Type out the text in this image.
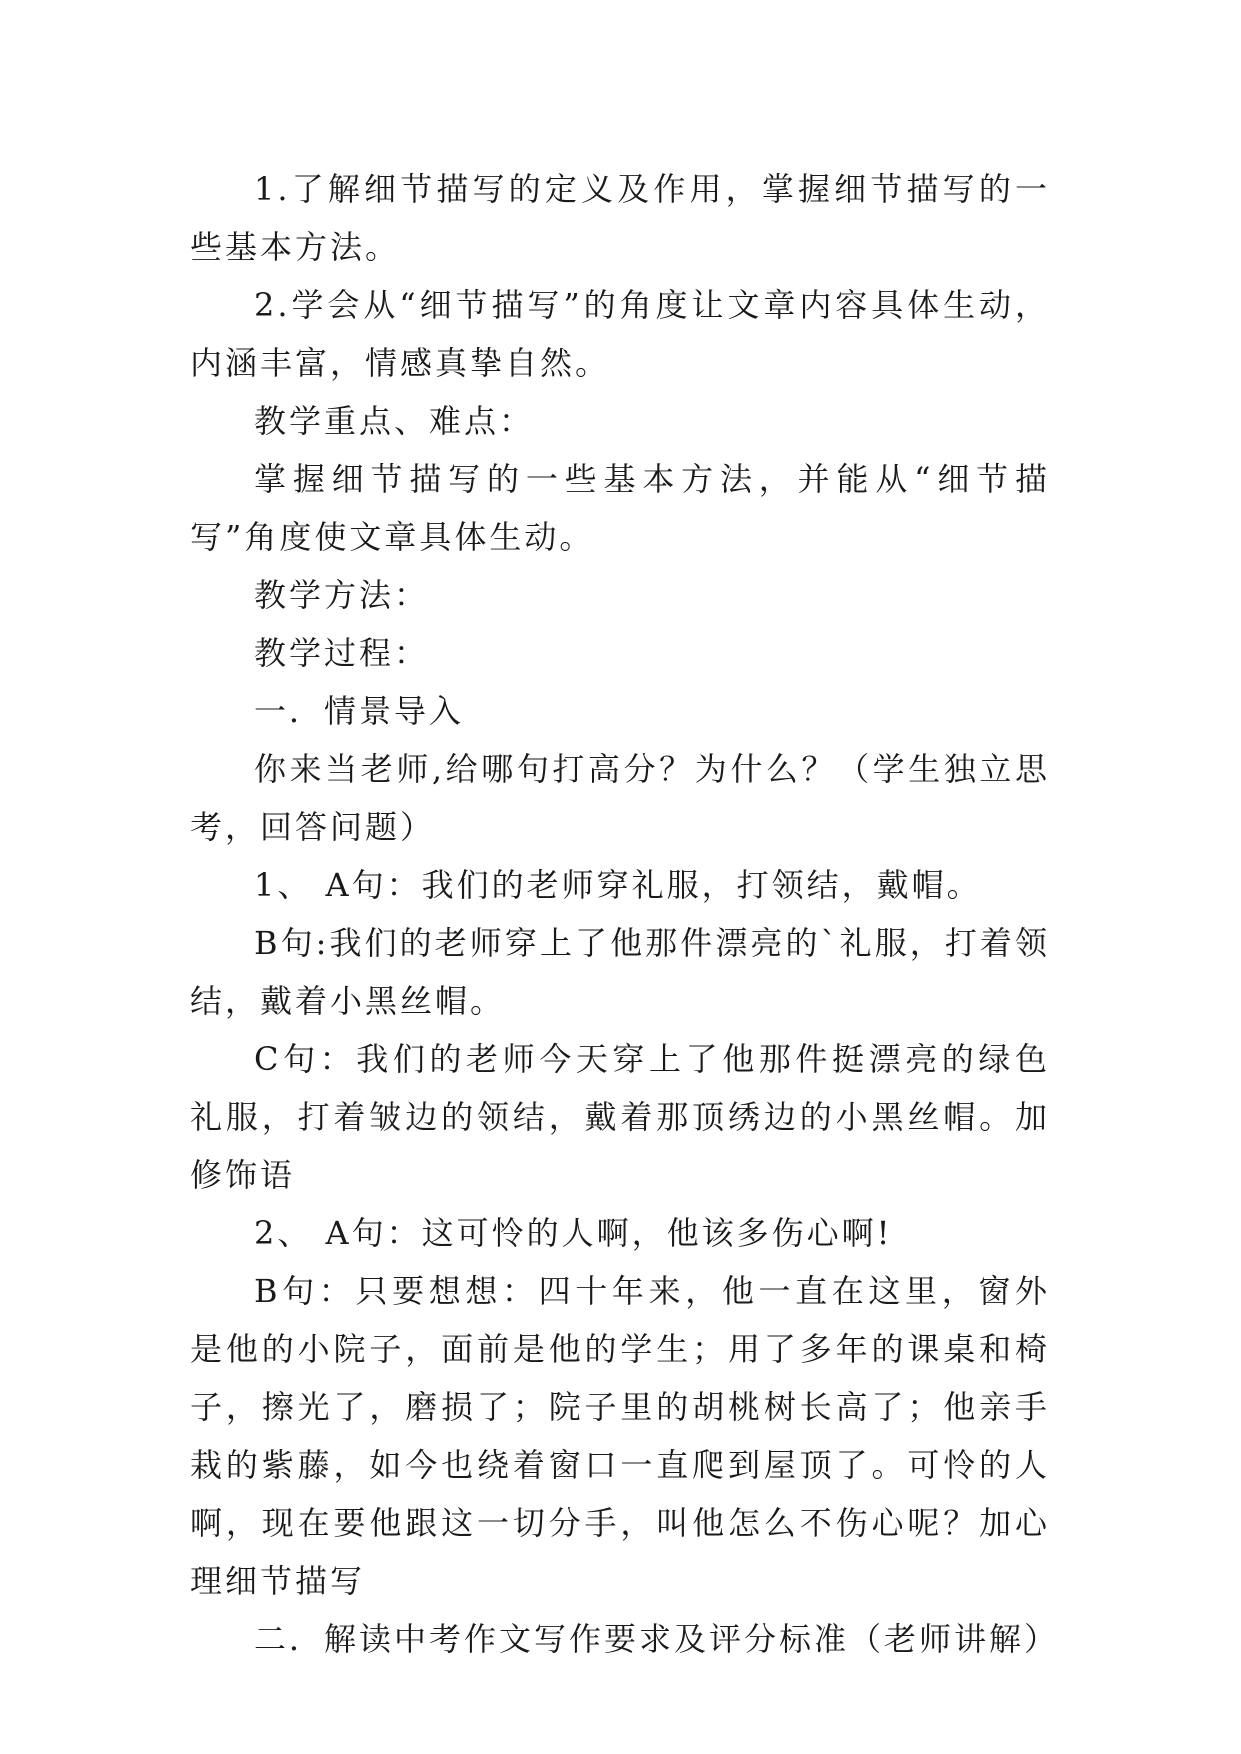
1.了解细节描写的定义及作用，掌握细节描写的一些基本方法。

2.学会从“细节描写”的角度让文章内容具体生动，内涵丰富，情感真挚自然。

教学重点、难点：

掌握细节描写的一些基本方法，并能从“细节描写”角度使文章具体生动。

教学方法：

教学过程：

一．情景导入

你来当老师,给哪句打高分？为什么？（学生独立思考，回答问题）

1、 A句：我们的老师穿礼服，打领结，戴帽。

B句:我们的老师穿上了他那件漂亮的`礼服，打着领结，戴着小黑丝帽。

C句：我们的老师今天穿上了他那件挺漂亮的绿色礼服，打着皱边的领结，戴着那顶绣边的小黑丝帽。加修饰语

2、 A句：这可怜的人啊，他该多伤心啊!

B句：只要想想：四十年来，他一直在这里，窗外是他的小院子，面前是他的学生；用了多年的课桌和椅子，擦光了，磨损了；院子里的胡桃树长高了；他亲手栽的紫藤，如今也绕着窗口一直爬到屋顶了。可怜的人啊，现在要他跟这一切分手，叫他怎么不伤心呢？加心理细节描写

二．解读中考作文写作要求及评分标准（老师讲解）
